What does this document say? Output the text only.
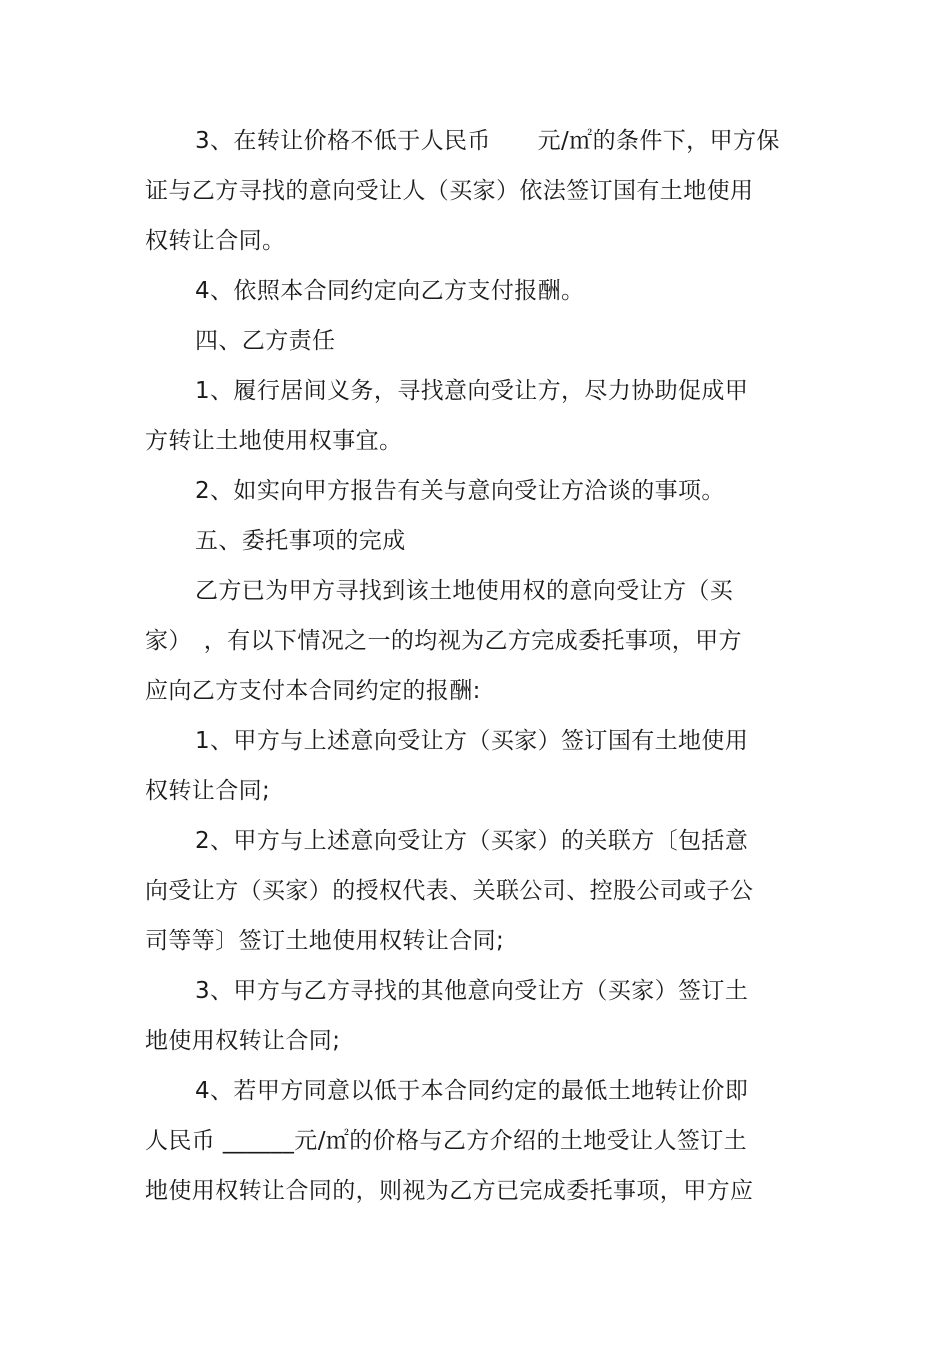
3、在转让价格不低于人民币　　元/㎡的条件下，甲方保
证与乙方寻找的意向受让人（买家）依法签订国有土地使用
权转让合同。
4、依照本合同约定向乙方支付报酬。
四、乙方责任
1、履行居间义务，寻找意向受让方，尽力协助促成甲
方转让土地使用权事宜。
2、如实向甲方报告有关与意向受让方洽谈的事项。
五、委托事项的完成
乙方已为甲方寻找到该土地使用权的意向受让方（买
家）　，有以下情况之一的均视为乙方完成委托事项，甲方
应向乙方支付本合同约定的报酬:
1、甲方与上述意向受让方（买家）签订国有土地使用
权转让合同;
2、甲方与上述意向受让方（买家）的关联方〔包括意
向受让方（买家）的授权代表、关联公司、控股公司或子公
司等等〕签订土地使用权转让合同;
3、甲方与乙方寻找的其他意向受让方（买家）签订土
地使用权转让合同;
4、若甲方同意以低于本合同约定的最低土地转让价即
人民币 ______元/㎡的价格与乙方介绍的土地受让人签订土
地使用权转让合同的，则视为乙方已完成委托事项，甲方应
